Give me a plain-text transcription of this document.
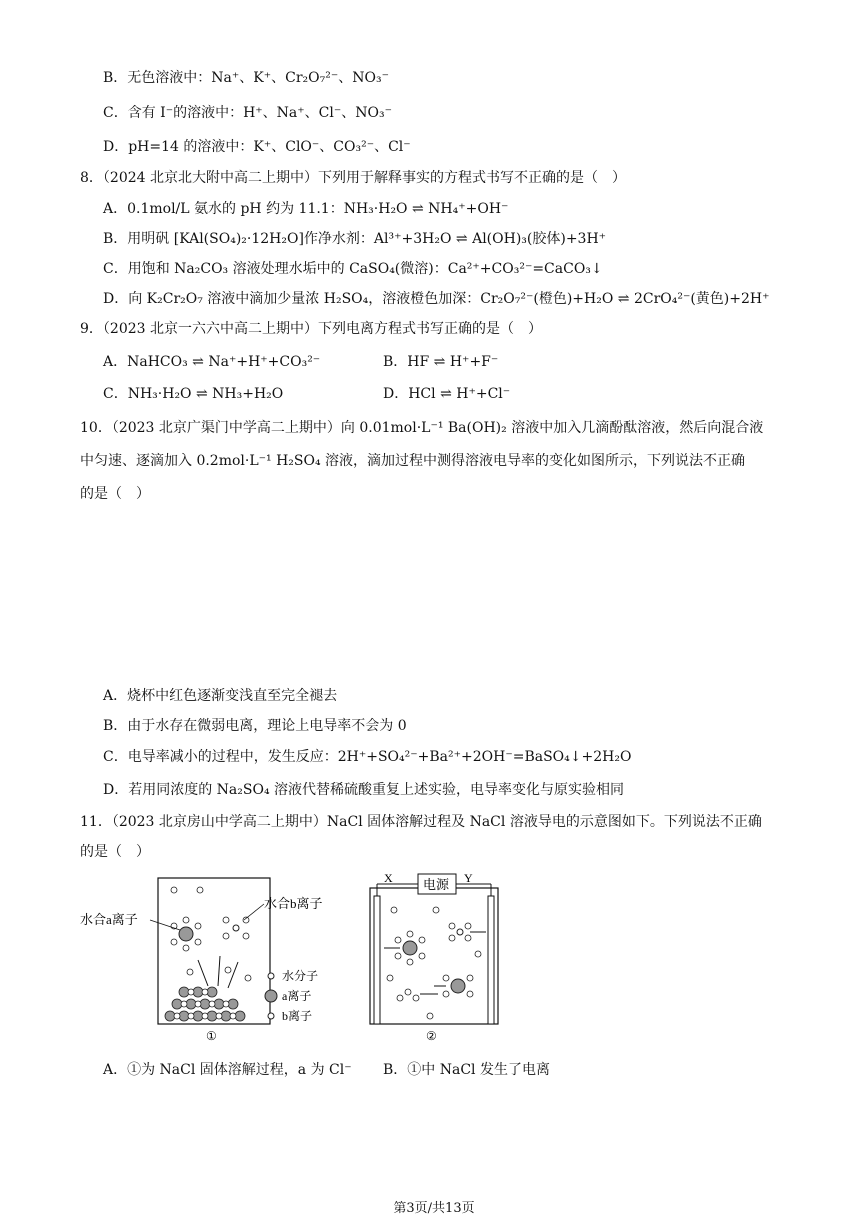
B．无色溶液中：Na⁺、K⁺、Cr₂O₇²⁻、NO₃⁻
C．含有 I⁻的溶液中：H⁺、Na⁺、Cl⁻、NO₃⁻
D．pH=14 的溶液中：K⁺、ClO⁻、CO₃²⁻、Cl⁻
8．（2024 北京北大附中高二上期中）下列用于解释事实的方程式书写不正确的是（　）
A．0.1mol/L 氨水的 pH 约为 11.1：NH₃·H₂O ⇌ NH₄⁺+OH⁻
B．用明矾 [KAl(SO₄)₂·12H₂O]作净水剂：Al³⁺+3H₂O ⇌ Al(OH)₃(胶体)+3H⁺
C．用饱和 Na₂CO₃ 溶液处理水垢中的 CaSO₄(微溶)：Ca²⁺+CO₃²⁻=CaCO₃↓
D．向 K₂Cr₂O₇ 溶液中滴加少量浓 H₂SO₄，溶液橙色加深：Cr₂O₇²⁻(橙色)+H₂O ⇌ 2CrO₄²⁻(黄色)+2H⁺
9．（2023 北京一六六中高二上期中）下列电离方程式书写正确的是（　）
A．NaHCO₃ ⇌ Na⁺+H⁺+CO₃²⁻	B．HF ⇌ H⁺+F⁻
C．NH₃·H₂O ⇌ NH₃+H₂O	D．HCl ⇌ H⁺+Cl⁻
10．（2023 北京广渠门中学高二上期中）向 0.01mol·L⁻¹ Ba(OH)₂ 溶液中加入几滴酚酞溶液，然后向混合液
中匀速、逐滴加入 0.2mol·L⁻¹ H₂SO₄ 溶液，滴加过程中测得溶液电导率的变化如图所示，下列说法不正确
的是（　）
A．烧杯中红色逐渐变浅直至完全褪去
B．由于水存在微弱电离，理论上电导率不会为 0
C．电导率减小的过程中，发生反应：2H⁺+SO₄²⁻+Ba²⁺+2OH⁻=BaSO₄↓+2H₂O
D．若用同浓度的 Na₂SO₄ 溶液代替稀硫酸重复上述实验，电导率变化与原实验相同
11．（2023 北京房山中学高二上期中）NaCl 固体溶解过程及 NaCl 溶液导电的示意图如下。下列说法不正确
的是（　）
①
水合a离子
水合b离子
水分子
a离子
b离子
电源
X	Y
②
A．①为 NaCl 固体溶解过程，a 为 Cl⁻ B．①中 NaCl 发生了电离
第3页/共13页
